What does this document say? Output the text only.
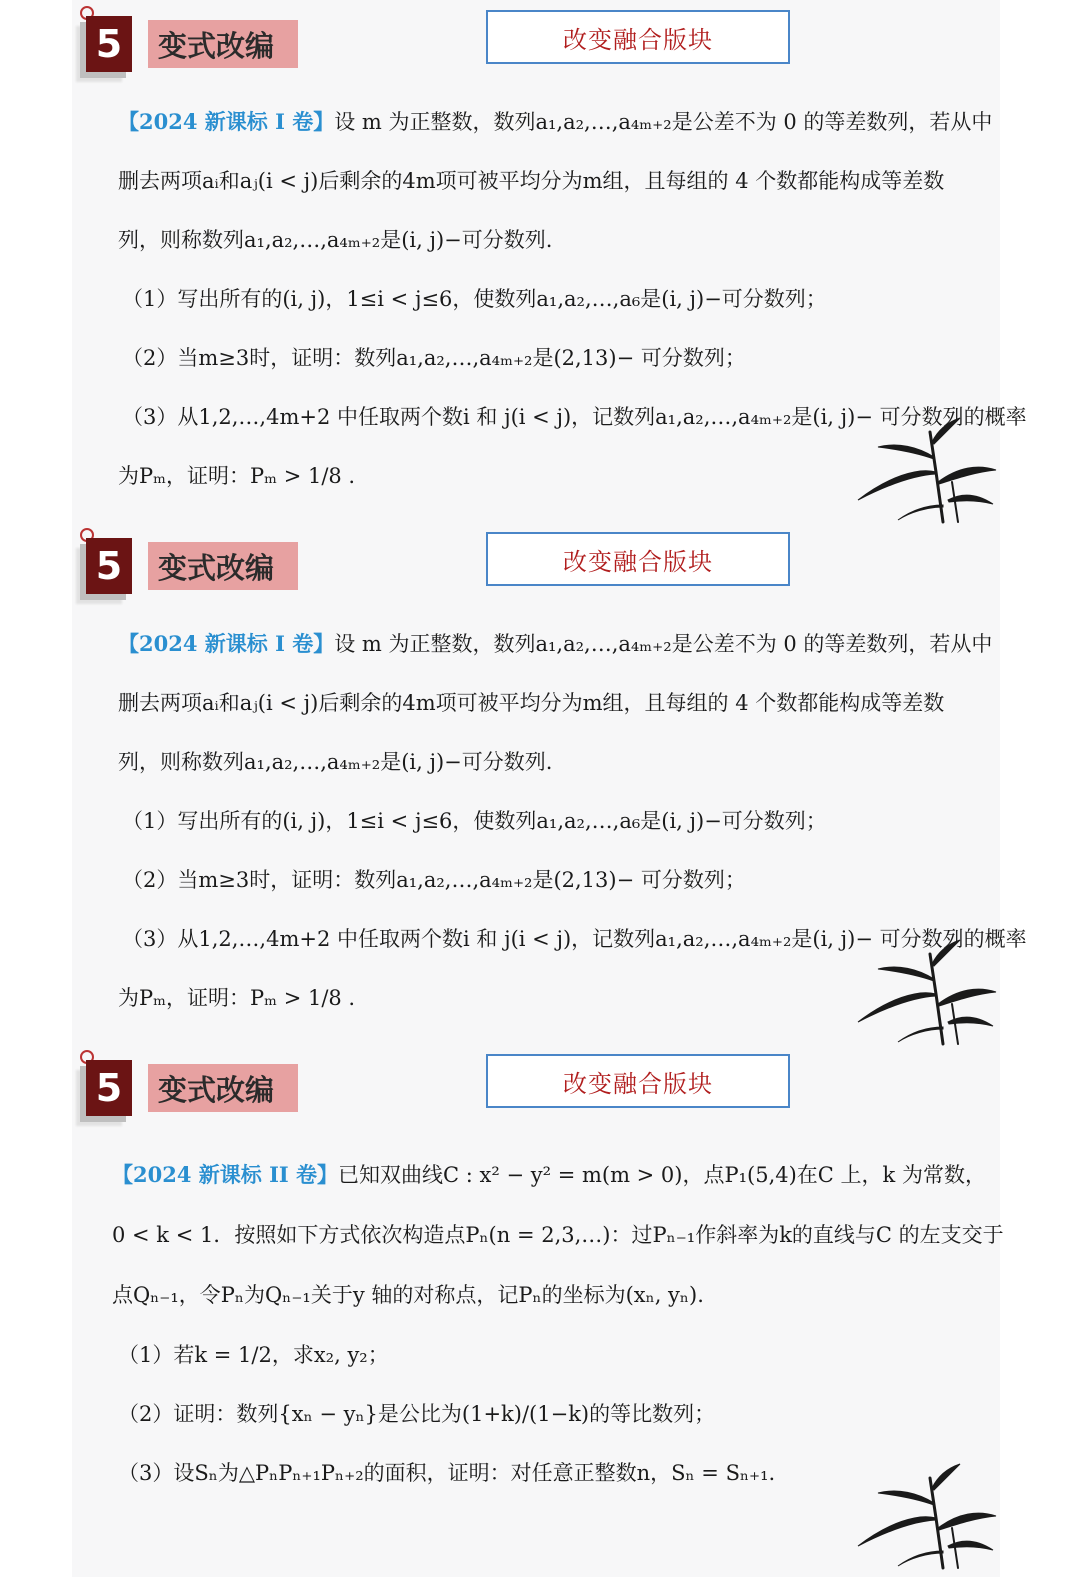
5	变式改编	改变融合版块
【2024 新课标 I 卷】设 m 为正整数，数列a₁,a₂,…,a₄ₘ₊₂是公差不为 0 的等差数列，若从中
删去两项aᵢ和aⱼ(i < j)后剩余的4m项可被平均分为m组，且每组的 4 个数都能构成等差数
列，则称数列a₁,a₂,…,a₄ₘ₊₂是(i, j)−可分数列.
（1）写出所有的(i, j)，1≤i < j≤6，使数列a₁,a₂,…,a₆是(i, j)−可分数列；
（2）当m≥3时，证明：数列a₁,a₂,…,a₄ₘ₊₂是(2,13)− 可分数列；
（3）从1,2,…,4m+2 中任取两个数i 和 j(i < j)，记数列a₁,a₂,…,a₄ₘ₊₂是(i, j)− 可分数列的概率
为Pₘ，证明：Pₘ > 1/8 .
5	变式改编	改变融合版块
【2024 新课标 I 卷】设 m 为正整数，数列a₁,a₂,…,a₄ₘ₊₂是公差不为 0 的等差数列，若从中
删去两项aᵢ和aⱼ(i < j)后剩余的4m项可被平均分为m组，且每组的 4 个数都能构成等差数
列，则称数列a₁,a₂,…,a₄ₘ₊₂是(i, j)−可分数列.
（1）写出所有的(i, j)，1≤i < j≤6，使数列a₁,a₂,…,a₆是(i, j)−可分数列；
（2）当m≥3时，证明：数列a₁,a₂,…,a₄ₘ₊₂是(2,13)− 可分数列；
（3）从1,2,…,4m+2 中任取两个数i 和 j(i < j)，记数列a₁,a₂,…,a₄ₘ₊₂是(i, j)− 可分数列的概率
为Pₘ，证明：Pₘ > 1/8 .
5	变式改编	改变融合版块
【2024 新课标 II 卷】已知双曲线C : x² − y² = m(m > 0)，点P₁(5,4)在C 上，k 为常数，
0 < k < 1．按照如下方式依次构造点Pₙ(n = 2,3,…)：过Pₙ₋₁作斜率为k的直线与C 的左支交于
点Qₙ₋₁，令Pₙ为Qₙ₋₁关于y 轴的对称点，记Pₙ的坐标为(xₙ, yₙ).
（1）若k = 1/2，求x₂, y₂；
（2）证明：数列{xₙ − yₙ}是公比为(1+k)/(1−k)的等比数列；
（3）设Sₙ为△PₙPₙ₊₁Pₙ₊₂的面积，证明：对任意正整数n，Sₙ = Sₙ₊₁.
